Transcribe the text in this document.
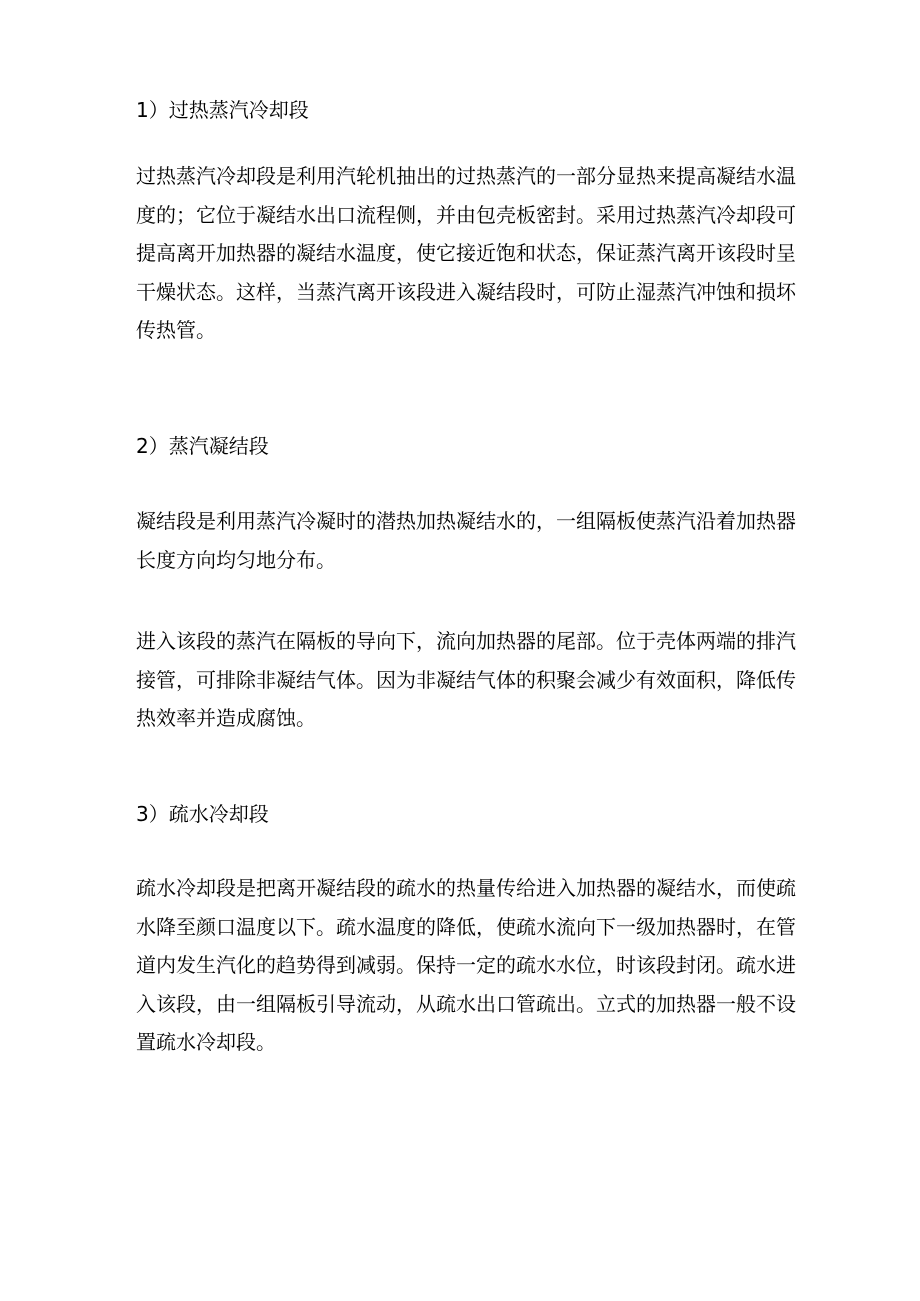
1）过热蒸汽冷却段

过热蒸汽冷却段是利用汽轮机抽出的过热蒸汽的一部分显热来提高凝结水温度的；它位于凝结水出口流程侧，并由包壳板密封。采用过热蒸汽冷却段可提高离开加热器的凝结水温度，使它接近饱和状态，保证蒸汽离开该段时呈干燥状态。这样，当蒸汽离开该段进入凝结段时，可防止湿蒸汽冲蚀和损坏传热管。

2）蒸汽凝结段

凝结段是利用蒸汽冷凝时的潜热加热凝结水的，一组隔板使蒸汽沿着加热器长度方向均匀地分布。

进入该段的蒸汽在隔板的导向下，流向加热器的尾部。位于壳体两端的排汽接管，可排除非凝结气体。因为非凝结气体的积聚会减少有效面积，降低传热效率并造成腐蚀。

3）疏水冷却段

疏水冷却段是把离开凝结段的疏水的热量传给进入加热器的凝结水，而使疏水降至颜口温度以下。疏水温度的降低，使疏水流向下一级加热器时，在管道内发生汽化的趋势得到减弱。保持一定的疏水水位，时该段封闭。疏水进入该段，由一组隔板引导流动，从疏水出口管疏出。立式的加热器一般不设置疏水冷却段。
